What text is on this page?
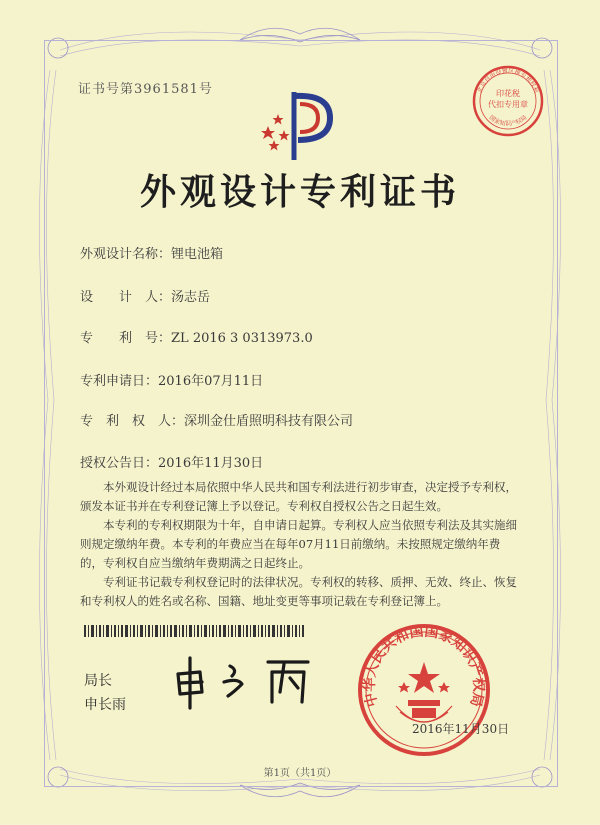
证书号第3961581号	印花税
代扣专用章
北京自由设置区推专利权利
国家知识产权局
外观设计专利证书
外观设计名称：锂电池箱
设　　计　人：汤志岳
专　　利　号：ZL 2016 3 0313973.0
专利申请日：2016年07月11日
专　利　权　人：深圳金仕盾照明科技有限公司
授权公告日：2016年11月30日

本外观设计经过本局依照中华人民共和国专利法进行初步审查，决定授予专利权，颁发本证书并在专利登记簿上予以登记。专利权自授权公告之日起生效。

本专利的专利权期限为十年，自申请日起算。专利权人应当依照专利法及其实施细则规定缴纳年费。本专利的年费应当在每年07月11日前缴纳。未按照规定缴纳年费的，专利权自应当缴纳年费期满之日起终止。

专利证书记载专利权登记时的法律状况。专利权的转移、质押、无效、终止、恢复和专利权人的姓名或名称、国籍、地址变更等事项记载在专利登记簿上。

局长
申长雨	中华人民共和国国家知识产权局
2016年11月30日
第1页（共1页）
